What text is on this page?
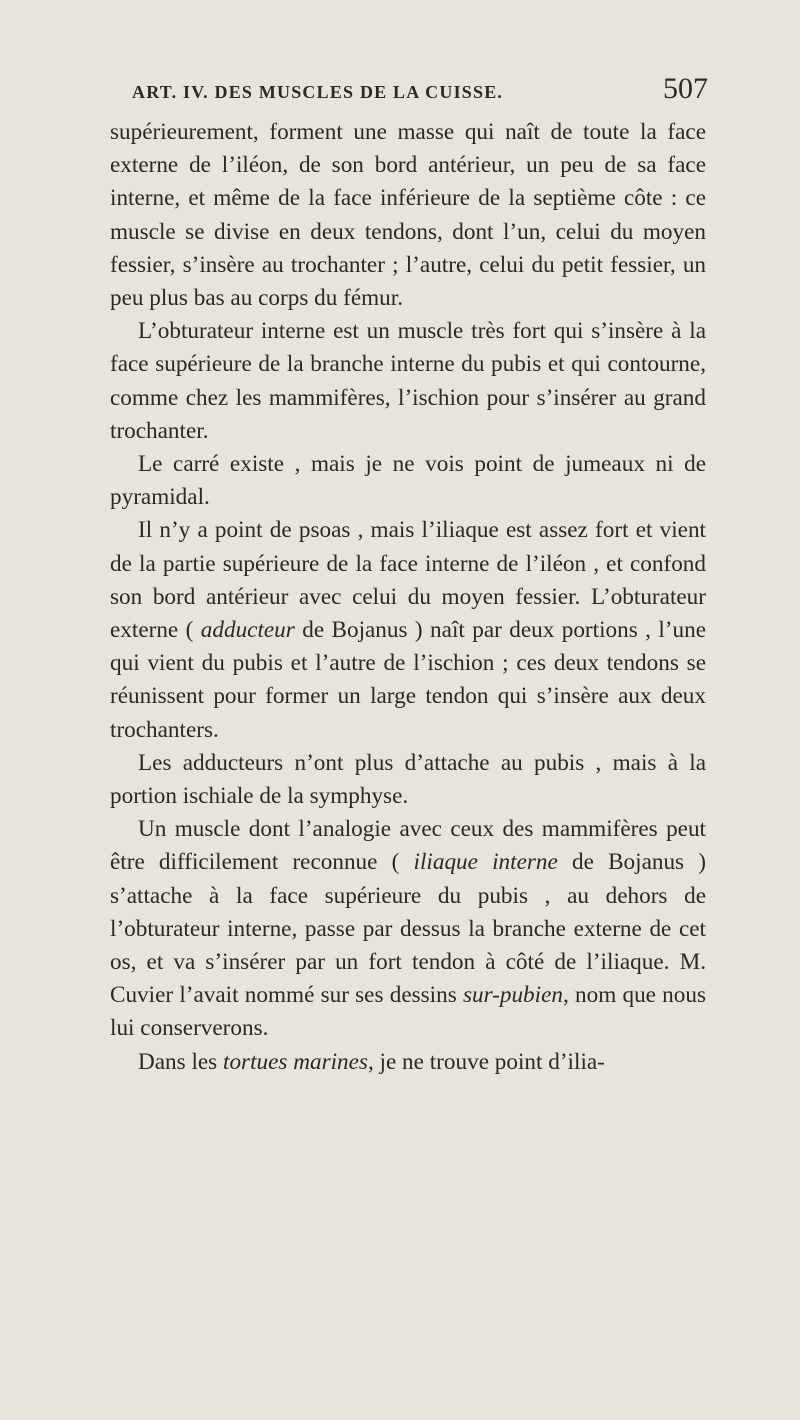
ART. IV. DES MUSCLES DE LA CUISSE.	507

supérieurement, forment une masse qui naît de toute la face externe de l’iléon, de son bord antérieur, un peu de sa face interne, et même de la face inférieure de la septième côte : ce muscle se divise en deux tendons, dont l’un, celui du moyen fessier, s’insère au trochanter ; l’autre, celui du petit fessier, un peu plus bas au corps du fémur.

L’obturateur interne est un muscle très fort qui s’insère à la face supérieure de la branche interne du pubis et qui contourne, comme chez les mammifères, l’ischion pour s’insérer au grand trochanter.

Le carré existe , mais je ne vois point de jumeaux ni de pyramidal.

Il n’y a point de psoas , mais l’iliaque est assez fort et vient de la partie supérieure de la face interne de l’iléon , et confond son bord antérieur avec celui du moyen fessier. L’obturateur externe ( adducteur de Bojanus ) naît par deux portions , l’une qui vient du pubis et l’autre de l’ischion ; ces deux tendons se réunissent pour former un large tendon qui s’insère aux deux trochanters.

Les adducteurs n’ont plus d’attache au pubis , mais à la portion ischiale de la symphyse.

Un muscle dont l’analogie avec ceux des mammifères peut être difficilement reconnue ( iliaque interne de Bojanus ) s’attache à la face supérieure du pubis , au dehors de l’obturateur interne, passe par dessus la branche externe de cet os, et va s’insérer par un fort tendon à côté de l’iliaque. M. Cuvier l’avait nommé sur ses dessins sur-pubien, nom que nous lui conserverons.

Dans les tortues marines, je ne trouve point d’ilia-
